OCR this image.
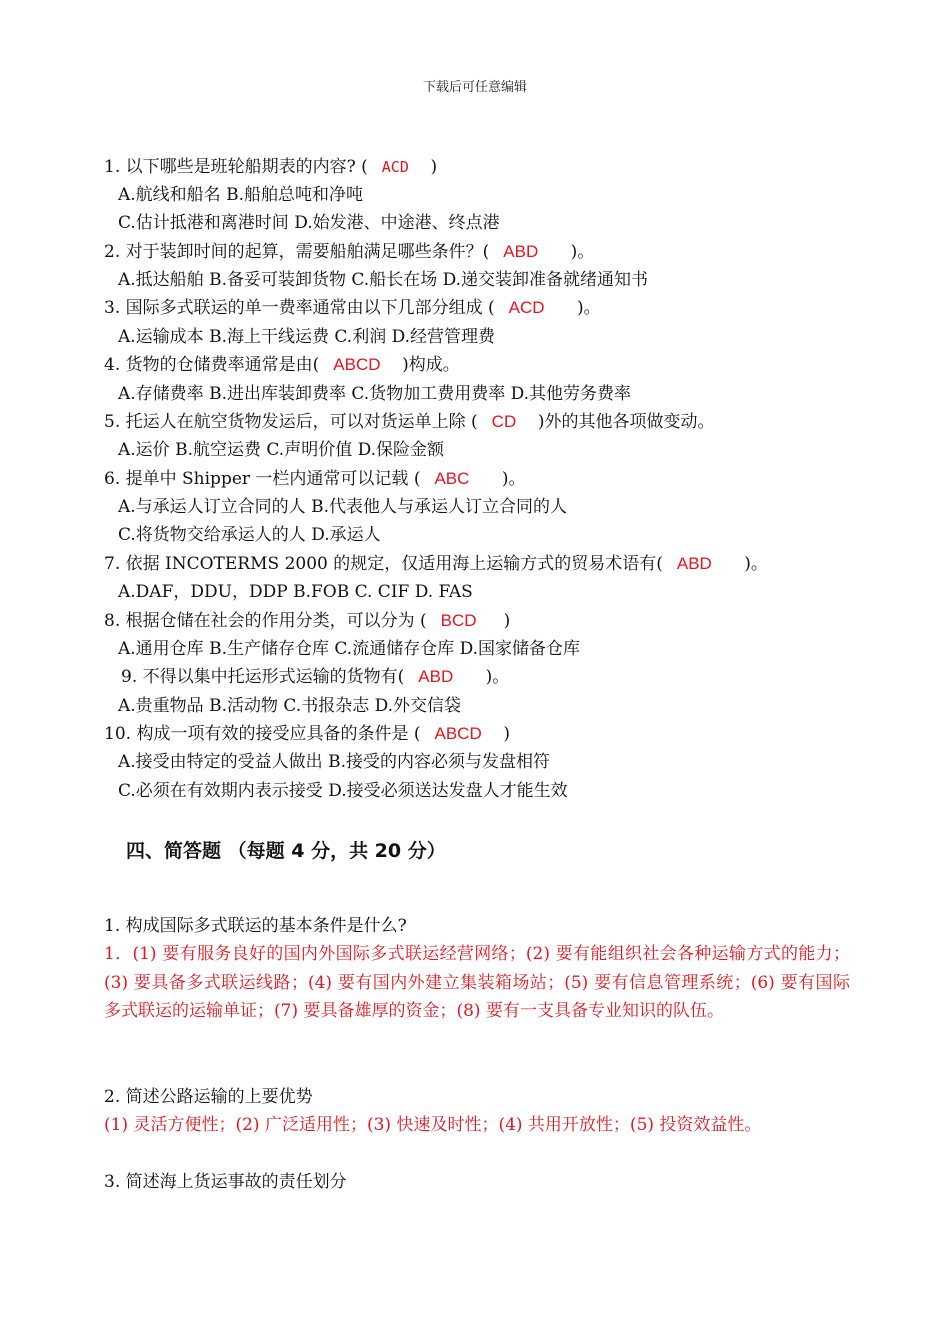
下载后可任意编辑
1. 以下哪些是班轮船期表的内容? ( ACD )
A.航线和船名 B.船舶总吨和净吨
C.估计抵港和离港时间 D.始发港、中途港、终点港
2. 对于装卸时间的起算，需要船舶满足哪些条件？( ABD )。
A.抵达船舶 B.备妥可装卸货物 C.船长在场 D.递交装卸准备就绪通知书
3. 国际多式联运的单一费率通常由以下几部分组成 ( ACD )。
A.运输成本 B.海上干线运费 C.利润 D.经营管理费
4. 货物的仓储费率通常是由( ABCD )构成。
A.存储费率 B.进出库装卸费率 C.货物加工费用费率 D.其他劳务费率
5. 托运人在航空货物发运后，可以对货运单上除 ( CD )外的其他各项做变动。
A.运价 B.航空运费 C.声明价值 D.保险金额
6. 提单中 Shipper 一栏内通常可以记载 ( ABC )。
A.与承运人订立合同的人 B.代表他人与承运人订立合同的人
C.将货物交给承运人的人 D.承运人
7. 依据 INCOTERMS 2000 的规定，仅适用海上运输方式的贸易术语有( ABD )。
A.DAF，DDU，DDP B.FOB C. CIF D. FAS
8. 根据仓储在社会的作用分类，可以分为 ( BCD )
A.通用仓库 B.生产储存仓库 C.流通储存仓库 D.国家储备仓库
9. 不得以集中托运形式运输的货物有( ABD )。
A.贵重物品 B.活动物 C.书报杂志 D.外交信袋
10. 构成一项有效的接受应具备的条件是 ( ABCD )
A.接受由特定的受益人做出 B.接受的内容必须与发盘相符
C.必须在有效期内表示接受 D.接受必须送达发盘人才能生效
四、简答题 （每题 4 分，共 20 分）
1. 构成国际多式联运的基本条件是什么?
1．(1) 要有服务良好的国内外国际多式联运经营网络；(2) 要有能组织社会各种运输方式的能力；(3) 要具备多式联运线路；(4) 要有国内外建立集装箱场站；(5) 要有信息管理系统；(6) 要有国际多式联运的运输单证；(7) 要具备雄厚的资金；(8) 要有一支具备专业知识的队伍。
2. 简述公路运输的上要优势
(1) 灵活方便性；(2) 广泛适用性；(3) 快速及时性；(4) 共用开放性；(5) 投资效益性。
3. 简述海上货运事故的责任划分
